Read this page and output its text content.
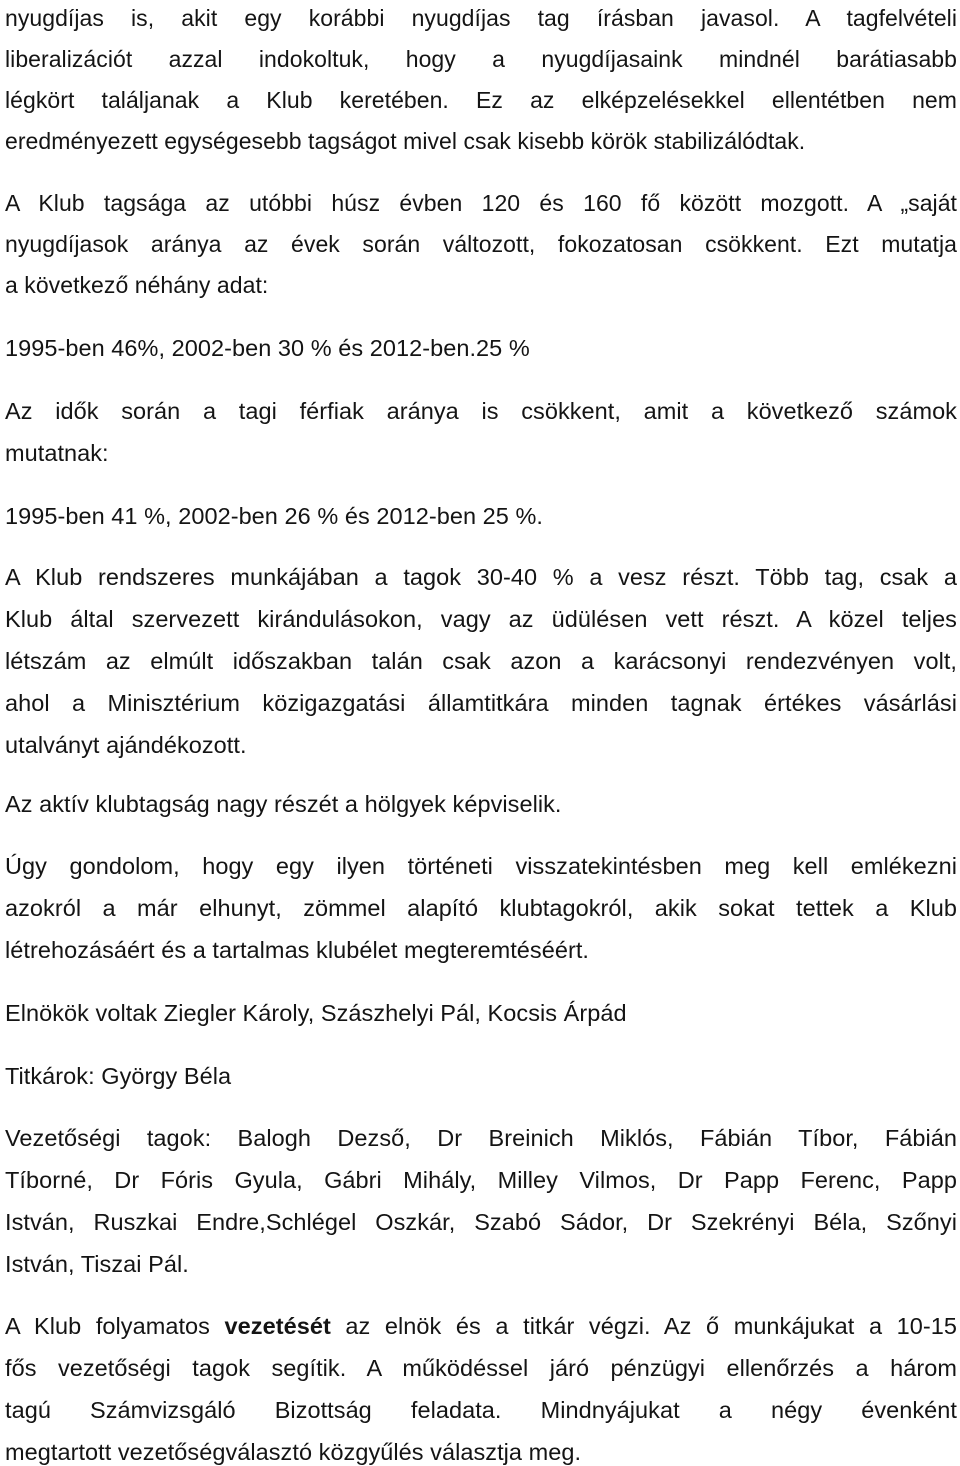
nyugdíjas is, akit egy korábbi nyugdíjas tag írásban javasol. A tagfelvételi
liberalizációt azzal indokoltuk, hogy a nyugdíjasaink mindnél barátiasabb
légkört találjanak a Klub keretében. Ez az elképzelésekkel ellentétben nem
eredményezett egységesebb tagságot mivel csak kisebb körök stabilizálódtak.

A Klub tagsága az utóbbi húsz évben 120 és 160 fő között mozgott. A „saját
nyugdíjasok aránya az évek során változott, fokozatosan csökkent. Ezt mutatja
a következő néhány adat:

1995-ben 46%, 2002-ben 30 % és 2012-ben.25 %

Az idők során a tagi férfiak aránya is csökkent, amit a következő számok
mutatnak:

1995-ben 41 %, 2002-ben 26 % és 2012-ben 25 %.

A Klub rendszeres munkájában a tagok 30-40 % a vesz részt. Több tag, csak a
Klub által szervezett kirándulásokon, vagy az üdülésen vett részt. A közel teljes
létszám az elmúlt időszakban talán csak azon a karácsonyi rendezvényen volt,
ahol a Minisztérium közigazgatási államtitkára minden tagnak értékes vásárlási
utalványt ajándékozott.

Az aktív klubtagság nagy részét a hölgyek képviselik.

Úgy gondolom, hogy egy ilyen történeti visszatekintésben meg kell emlékezni
azokról a már elhunyt, zömmel alapító klubtagokról, akik sokat tettek a Klub
létrehozásáért és a tartalmas klubélet megteremtéséért.

Elnökök voltak Ziegler Károly, Szászhelyi Pál, Kocsis Árpád

Titkárok: György Béla

Vezetőségi tagok: Balogh Dezső, Dr Breinich Miklós, Fábián Tíbor, Fábián
Tíborné, Dr Fóris Gyula, Gábri Mihály, Milley Vilmos, Dr Papp Ferenc, Papp
István, Ruszkai Endre,Schlégel Oszkár, Szabó Sádor, Dr Szekrényi Béla, Szőnyi
István, Tiszai Pál.

A Klub folyamatos vezetését az elnök és a titkár végzi. Az ő munkájukat a 10-15
fős vezetőségi tagok segítik. A működéssel járó pénzügyi ellenőrzés a három
tagú Számvizsgáló Bizottság feladata. Mindnyájukat a négy évenként
megtartott vezetőségválasztó közgyűlés választja meg.
